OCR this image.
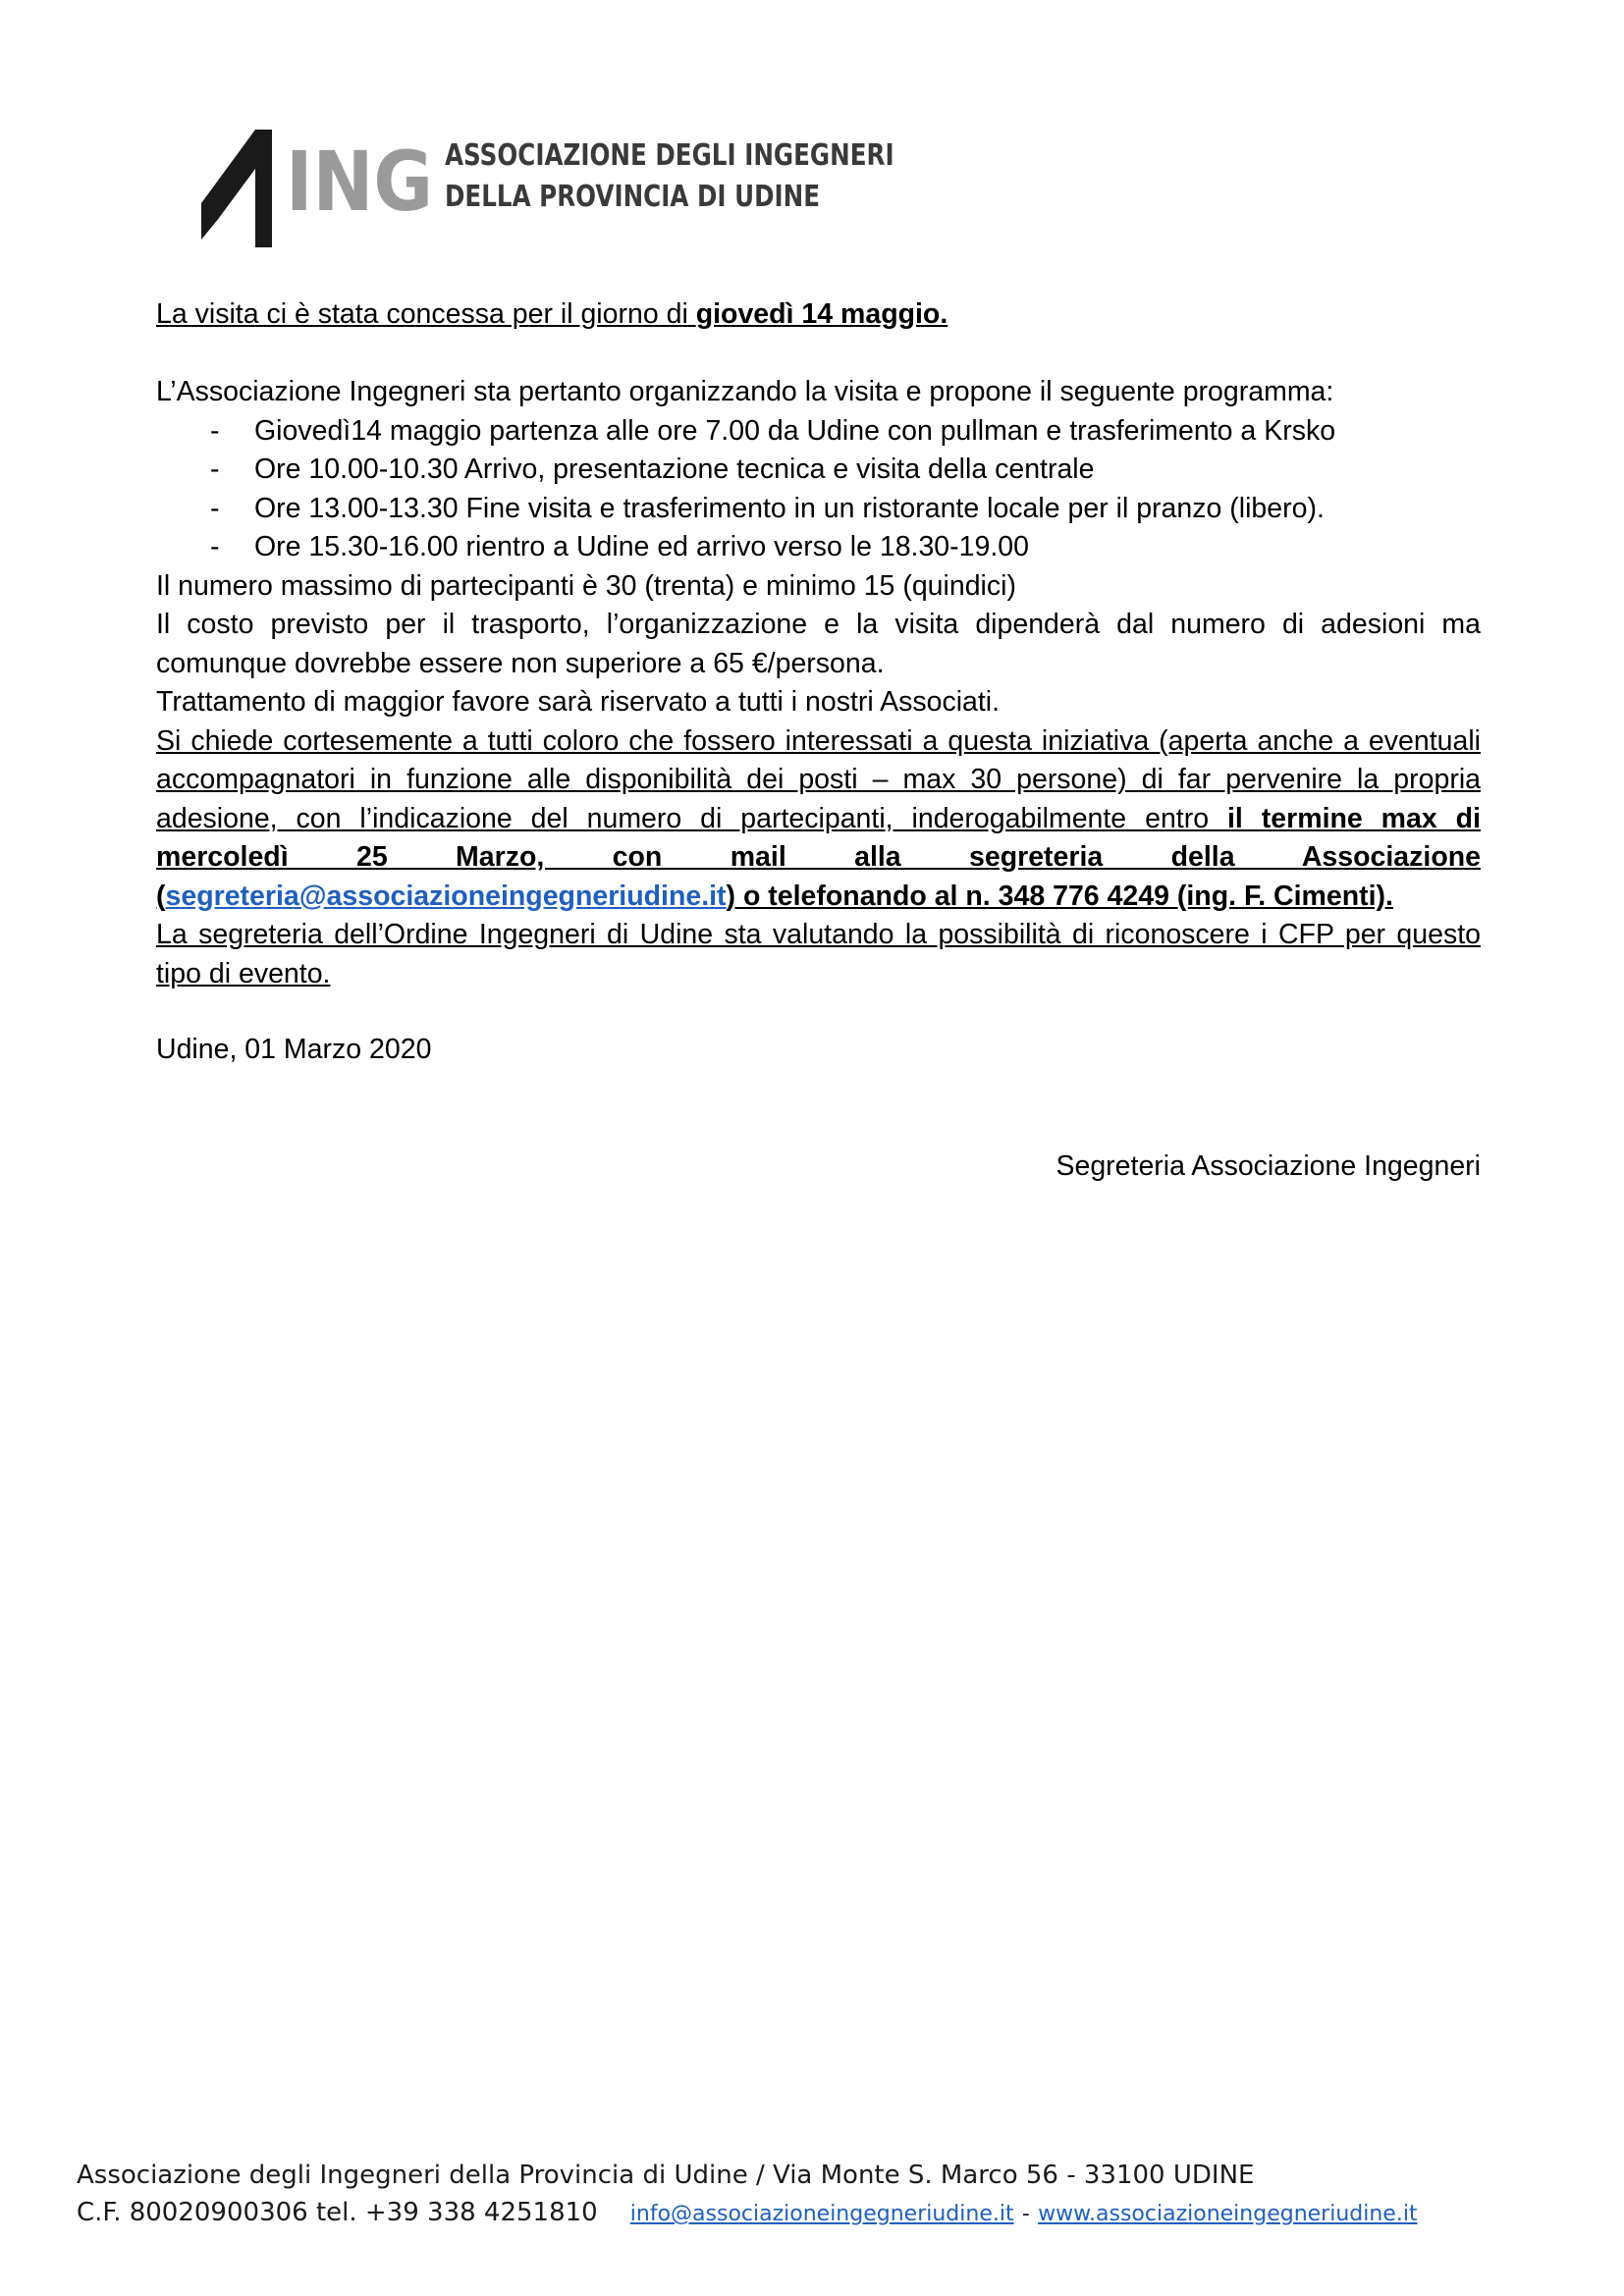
ING ASSOCIAZIONE DEGLI INGEGNERI
DELLA PROVINCIA DI UDINE

La visita ci è stata concessa per il giorno di giovedì 14 maggio.

L’Associazione Ingegneri sta pertanto organizzando la visita e propone il seguente programma:

- Giovedì14 maggio partenza alle ore 7.00 da Udine con pullman e trasferimento a Krsko
- Ore 10.00-10.30 Arrivo, presentazione tecnica e visita della centrale
- Ore 13.00-13.30 Fine visita e trasferimento in un ristorante locale per il pranzo (libero).
- Ore 15.30-16.00 rientro a Udine ed arrivo verso le 18.30-19.00

Il numero massimo di partecipanti è 30 (trenta) e minimo 15 (quindici)

Il costo previsto per il trasporto, l’organizzazione e la visita dipenderà dal numero di adesioni ma comunque dovrebbe essere non superiore a 65 €/persona.

Trattamento di maggior favore sarà riservato a tutti i nostri Associati.

Si chiede cortesemente a tutti coloro che fossero interessati a questa iniziativa (aperta anche a eventuali accompagnatori in funzione alle disponibilità dei posti – max 30 persone) di far pervenire la propria adesione, con l’indicazione del numero di partecipanti, inderogabilmente entro il termine max di mercoledì 25 Marzo, con mail alla segreteria della Associazione (segreteria@associazioneingegneriudine.it) o telefonando al n. 348 776 4249 (ing. F. Cimenti).

La segreteria dell’Ordine Ingegneri di Udine sta valutando la possibilità di riconoscere i CFP per questo tipo di evento.

Udine, 01 Marzo 2020

Segreteria Associazione Ingegneri

Associazione degli Ingegneri della Provincia di Udine / Via Monte S. Marco 56 - 33100 UDINE
C.F. 80020900306 tel. +39 338 4251810 info@associazioneingegneriudine.it - www.associazioneingegneriudine.it
